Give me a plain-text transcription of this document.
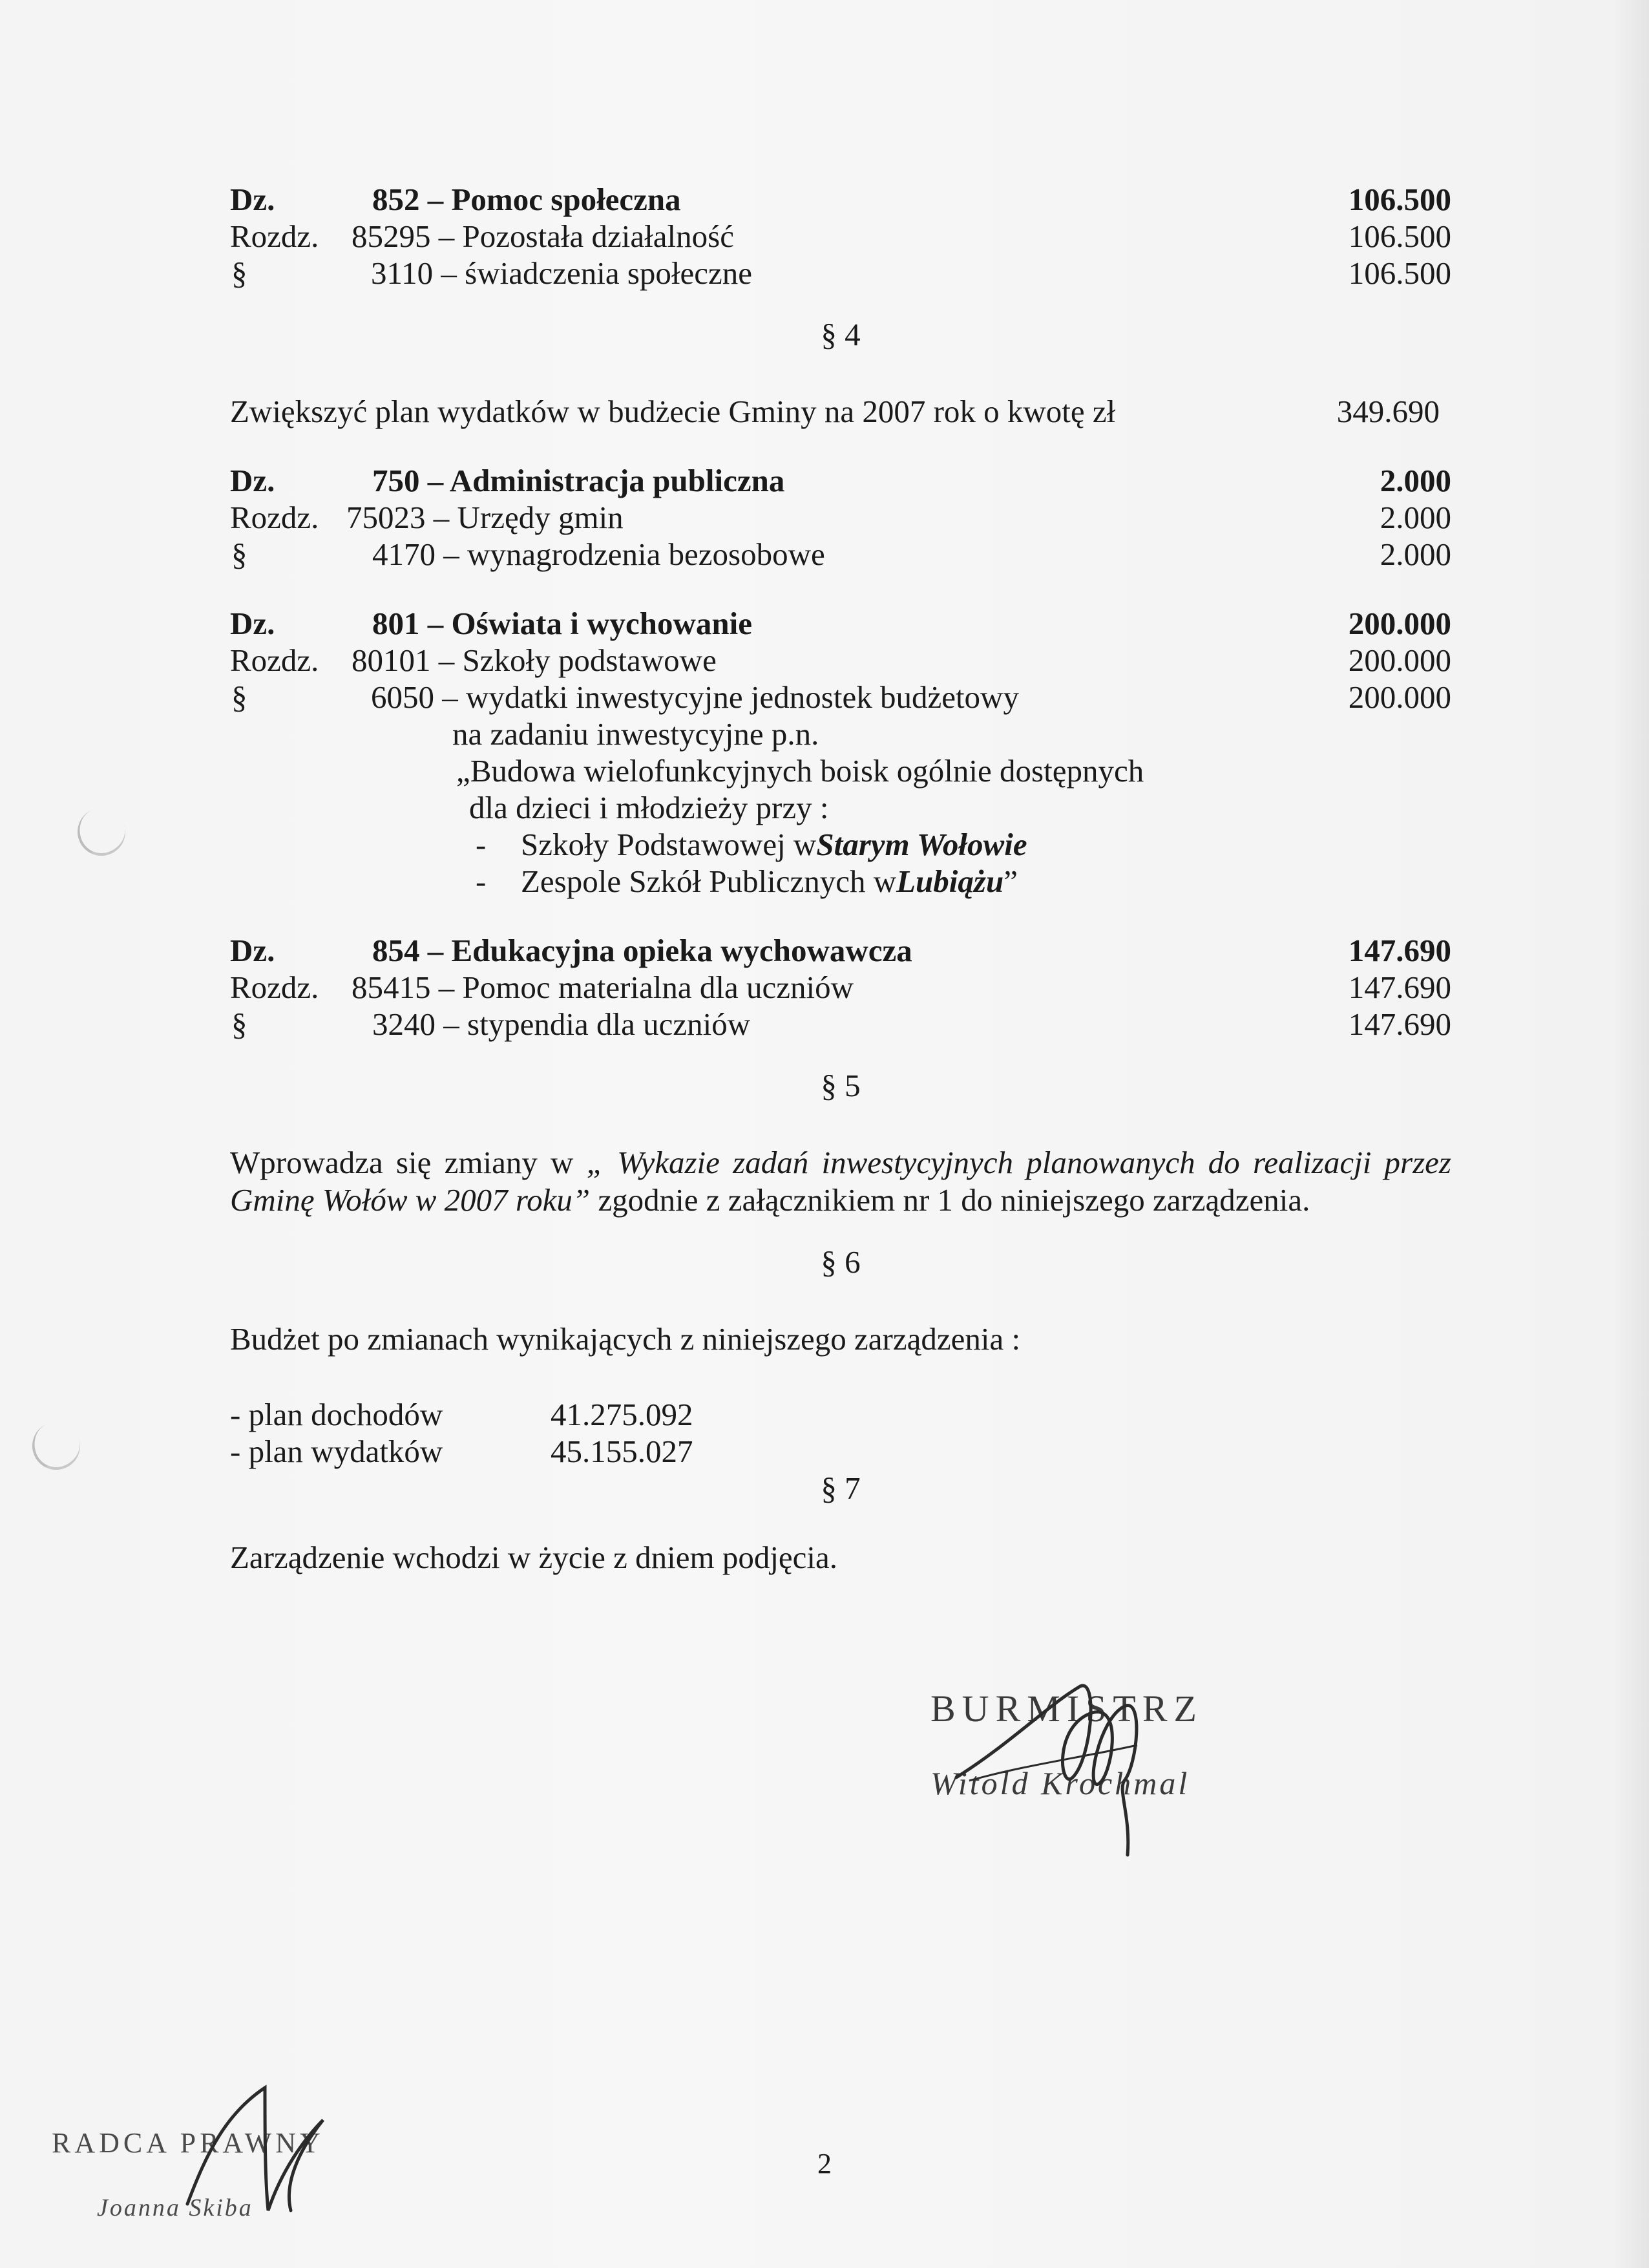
Dz.	852 – Pomoc społeczna	106.500
Rozdz.	85295 – Pozostała działalność	106.500
§	3110 – świadczenia społeczne	106.500
§ 4
Zwiększyć plan wydatków w budżecie Gminy na 2007 rok o kwotę zł	349.690
Dz.	750 – Administracja publiczna	2.000
Rozdz. 75023 – Urzędy gmin	2.000
§	4170 – wynagrodzenia bezosobowe	2.000
Dz.	801 – Oświata i wychowanie	200.000
Rozdz.	80101 – Szkoły podstawowe	200.000
§	6050 – wydatki inwestycyjne jednostek budżetowy	200.000
na zadaniu inwestycyjne p.n.
„Budowa wielofunkcyjnych boisk ogólnie dostępnych
dla dzieci i młodzieży przy :
-	Szkoły Podstawowej w Starym Wołowie
-	Zespole Szkół Publicznych w Lubiążu ”
Dz.	854 – Edukacyjna opieka wychowawcza	147.690
Rozdz.	85415 – Pomoc materialna dla uczniów	147.690
§	3240 – stypendia dla uczniów	147.690
§ 5
Wprowadza się zmiany w „ Wykazie zadań inwestycyjnych planowanych do realizacji przez Gminę Wołów w 2007 roku” zgodnie z załącznikiem nr 1 do niniejszego zarządzenia.
§ 6
Budżet po zmianach wynikających z niniejszego zarządzenia :
- plan dochodów	41.275.092
- plan wydatków	45.155.027
§ 7
Zarządzenie wchodzi w życie z dniem podjęcia.
BURMISTRZ
Witold Krochmal
RADCA PRAWNY
Joanna Skiba
2
